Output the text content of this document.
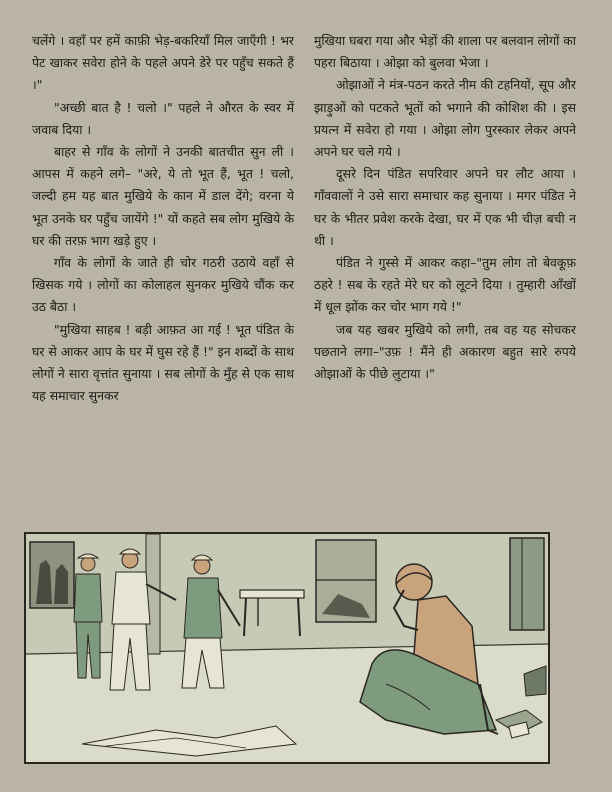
चलेंगे । वहाँ पर हमें काफ़ी भेड़-बकरियाँ मिल जाएँगी ! भर पेट खाकर सवेरा होने के पहले अपने डेरे पर पहुँच सकते हैं ।"

"अच्छी बात है ! चलो ।" पहले ने औरत के स्वर में जवाब दिया ।

बाहर से गाँव के लोगों ने उनकी बातचीत सुन ली । आपस में कहने लगे– "अरे, ये तो भूत हैं, भूत ! चलो, जल्दी हम यह बात मुखिये के कान में डाल देंगे; वरना ये भूत उनके घर पहुँच जायेंगे !" यों कहते सब लोग मुखिये के घर की तरफ़ भाग खड़े हुए ।

गाँव के लोगों के जाते ही चोर गठरी उठाये वहाँ से खिसक गये । लोगों का कोलाहल सुनकर मुखिये चौंक कर उठ बैठा ।

"मुखिया साहब ! बड़ी आफ़त आ गई ! भूत पंडित के घर से आकर आप के घर में घुस रहे हैं !" इन शब्दों के साथ लोगों ने सारा वृत्तांत सुनाया । सब लोगों के मुँह से एक साथ यह समाचार सुनकर

मुखिया घबरा गया और भेड़ों की शाला पर बलवान लोगों का पहरा बिठाया । ओझा को बुलवा भेजा ।

ओझाओं ने मंत्र-पठन करते नीम की टहनियों, सूप और झाड़ुओं को पटकते भूतों को भगाने की कोशिश की । इस प्रयत्न में सवेरा हो गया । ओझा लोग पुरस्कार लेकर अपने अपने घर चले गये ।

दूसरे दिन पंडित सपरिवार अपने घर लौट आया । गाँववालों ने उसे सारा समाचार कह सुनाया । मगर पंडित ने घर के भीतर प्रवेश करके देखा, घर में एक भी चीज़ बची न थी ।

पंडित ने गुस्से में आकर कहा–"तुम लोग तो बेवकूफ़ ठहरे ! सब के रहते मेरे घर को लूटने दिया । तुम्हारी आँखों में धूल झोंक कर चोर भाग गये !"

जब यह खबर मुखिये को लगी, तब वह यह सोचकर पछताने लगा–"उफ़ ! मैंने ही अकारण बहुत सारे रुपये ओझाओं के पीछे लुटाया ।"
